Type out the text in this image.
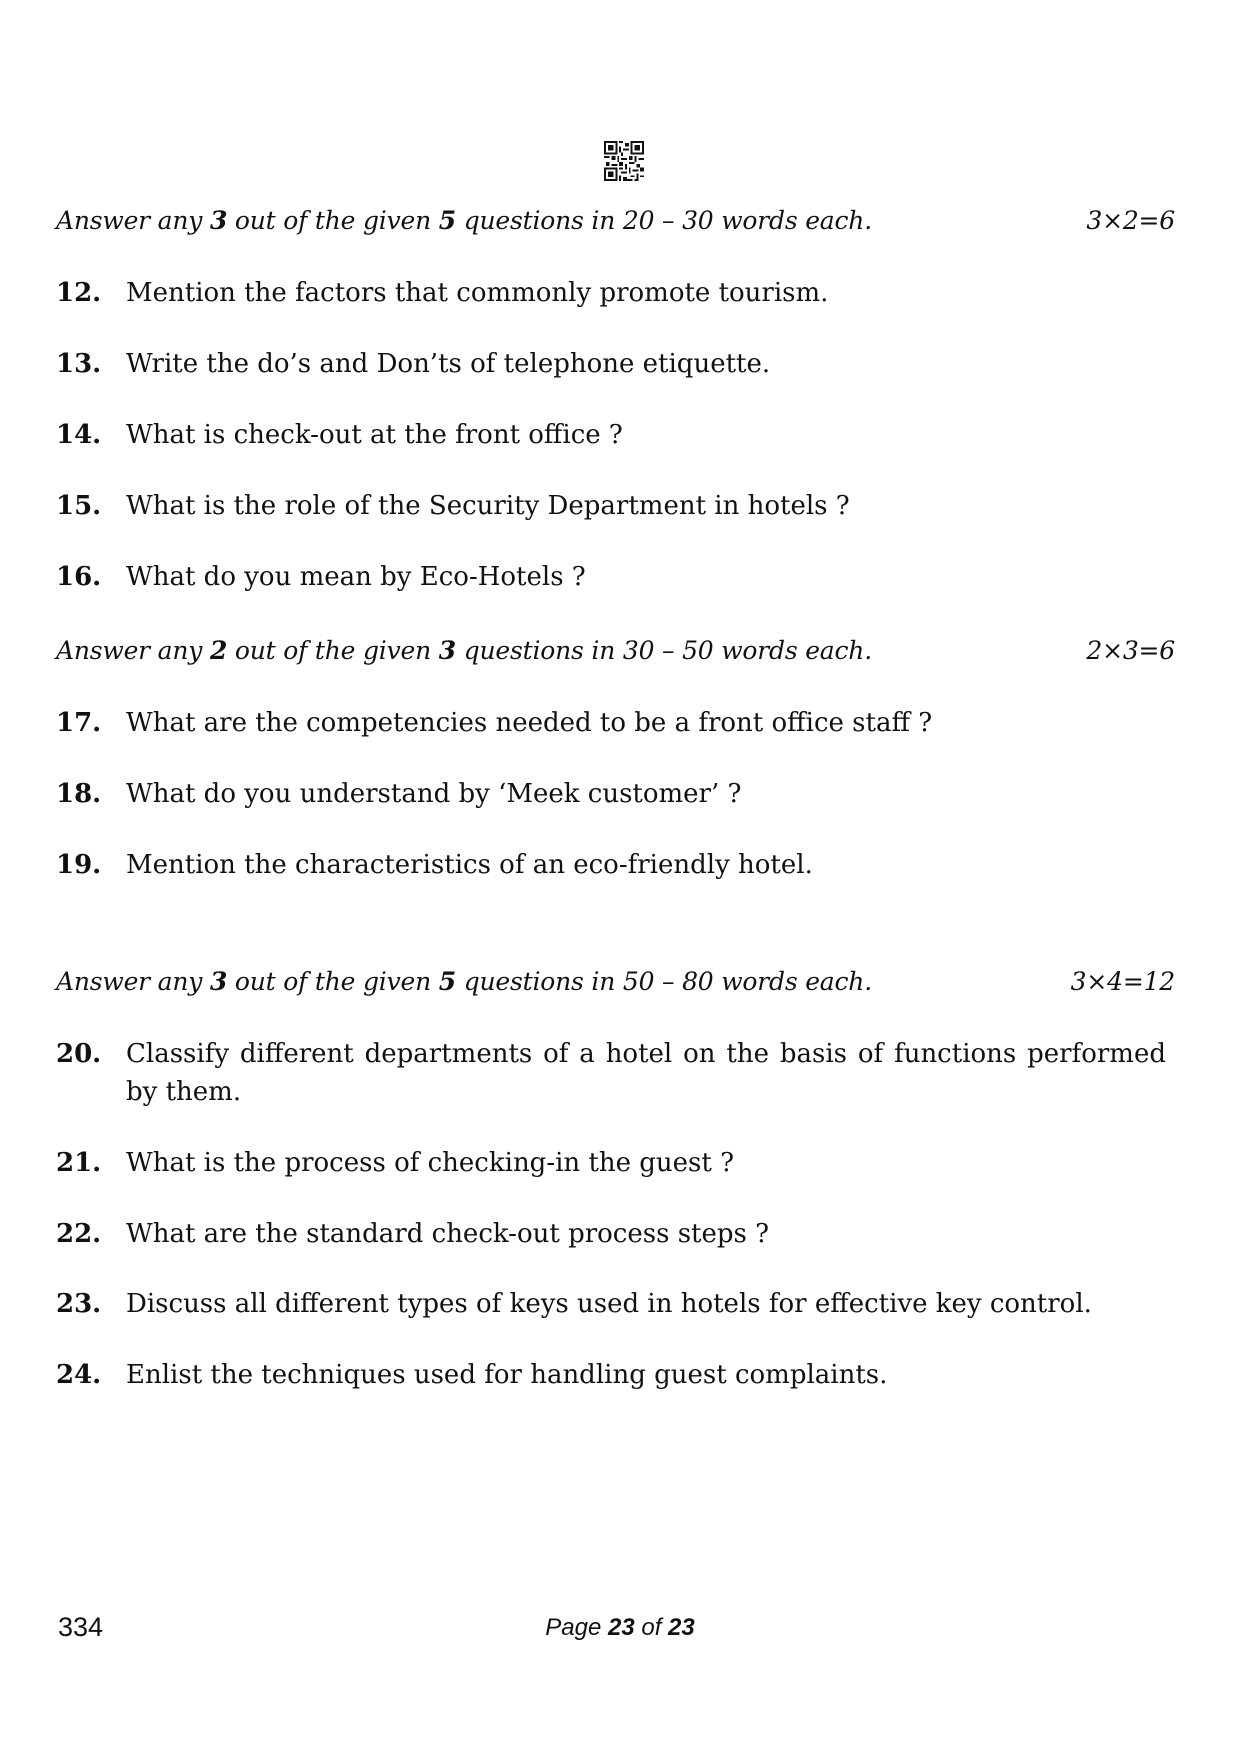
Answer any 3 out of the given 5 questions in 20 – 30 words each.	3×2=6
12. Mention the factors that commonly promote tourism.
13. Write the do’s and Don’ts of telephone etiquette.
14. What is check-out at the front office ?
15. What is the role of the Security Department in hotels ?
16. What do you mean by Eco-Hotels ?
Answer any 2 out of the given 3 questions in 30 – 50 words each.	2×3=6
17. What are the competencies needed to be a front office staff ?
18. What do you understand by ‘Meek customer’ ?
19. Mention the characteristics of an eco-friendly hotel.
Answer any 3 out of the given 5 questions in 50 – 80 words each.	3×4=12
20. Classify different departments of a hotel on the basis of functions performed by them.
21. What is the process of checking-in the guest ?
22. What are the standard check-out process steps ?
23. Discuss all different types of keys used in hotels for effective key control.
24. Enlist the techniques used for handling guest complaints.
334	Page 23 of 23
